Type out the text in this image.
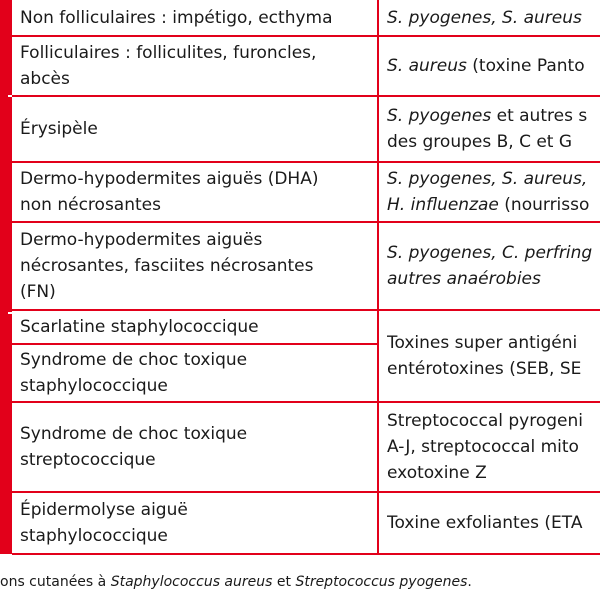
Non folliculaires : impétigo, ecthyma	S. pyogenes, S. aureus
Folliculaires : folliculites, furoncles,
abcès
S. aureus (toxine Panto
Érysipèle
S. pyogenes et autres s
des groupes B, C et G
Dermo-hypodermites aiguës (DHA)
non nécrosantes
S. pyogenes, S. aureus,
H. influenzae (nourrisso
Dermo-hypodermites aiguës
nécrosantes, fasciites nécrosantes
(FN)
S. pyogenes, C. perfring
autres anaérobies
Scarlatine staphylococcique
Syndrome de choc toxique
staphylococcique
Syndrome de choc toxique
streptococcique
Streptococcal pyrogeni
A-J, streptococcal mito
exotoxine Z
Épidermolyse aiguë
staphylococcique
Toxine exfoliantes (ETA
Toxines super antigéni
entérotoxines (SEB, SE
ons cutanées à Staphylococcus aureus et Streptococcus pyogenes.
